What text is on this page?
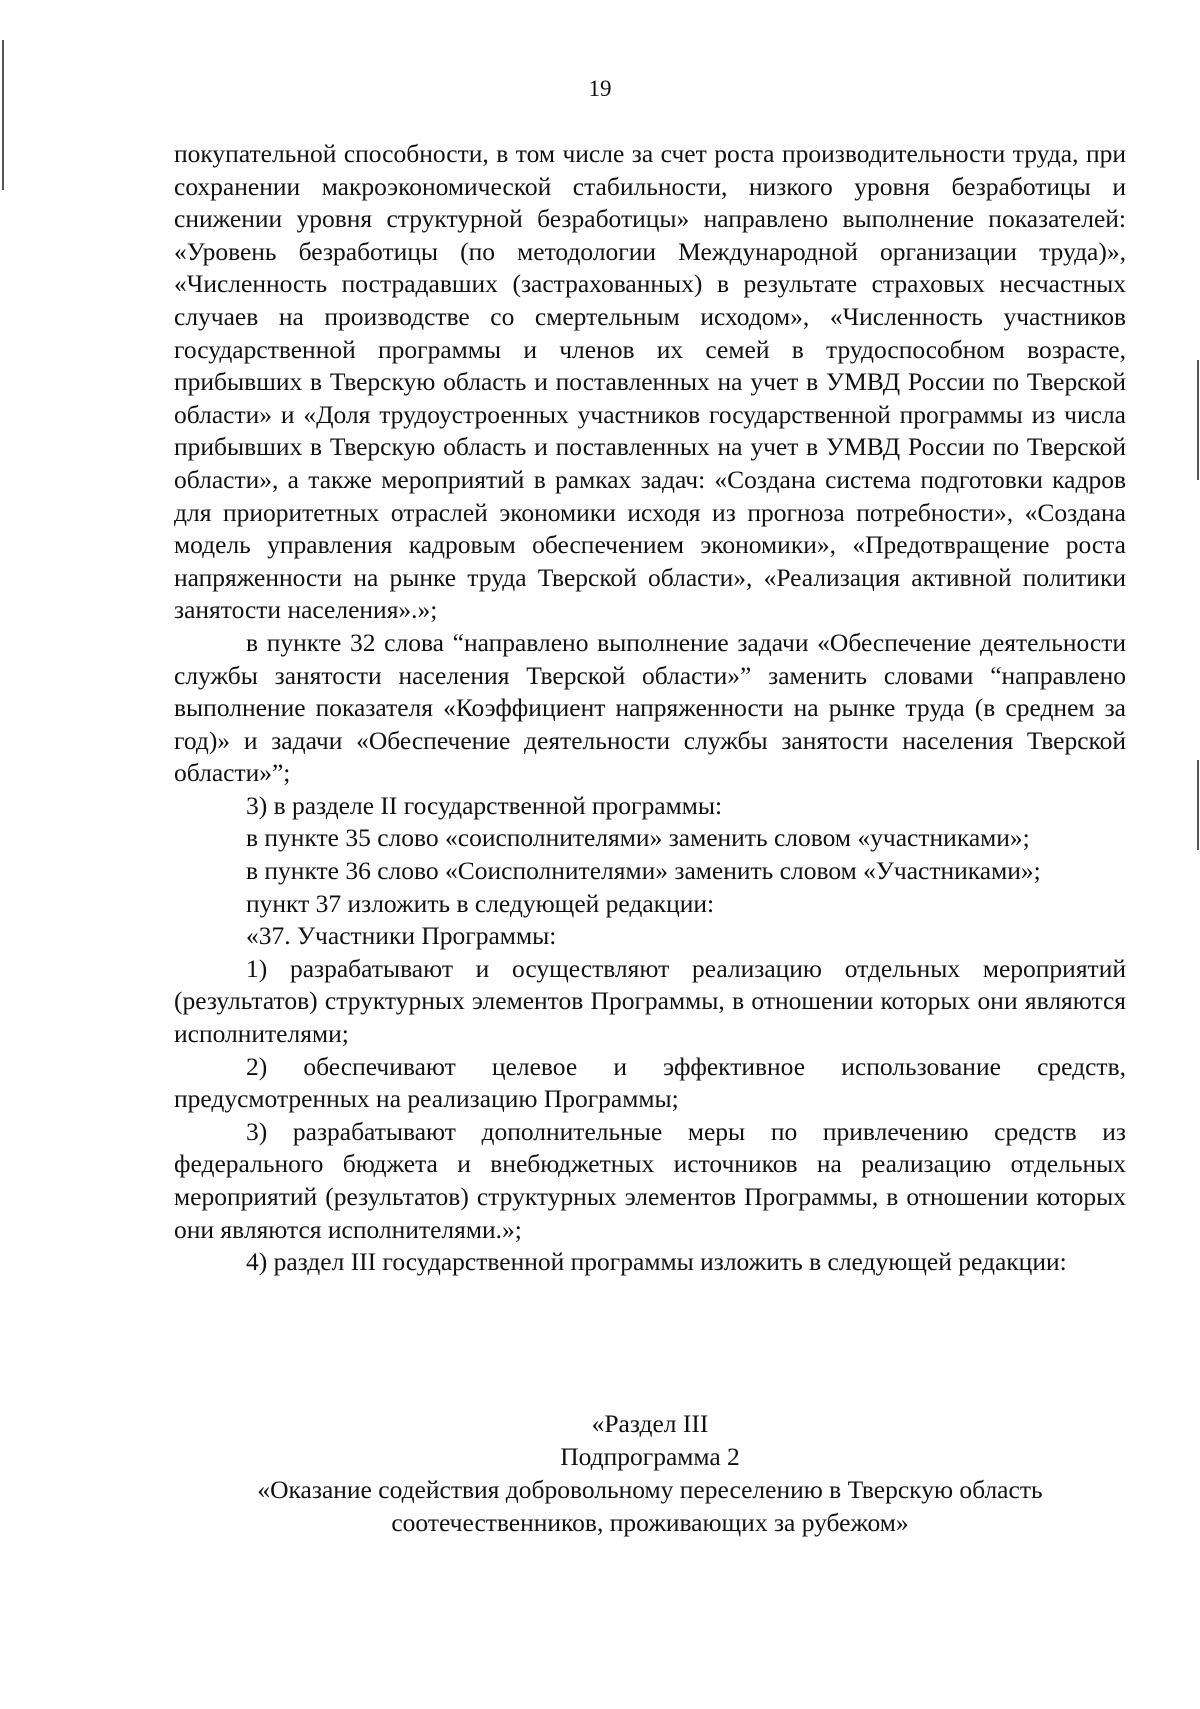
19

покупательной способности, в том числе за счет роста производительности труда, при сохранении макроэкономической стабильности, низкого уровня безработицы и снижении уровня структурной безработицы» направлено выполнение показателей: «Уровень безработицы (по методологии Международной организации труда)», «Численность пострадавших (застрахованных) в результате страховых несчастных случаев на производстве со смертельным исходом», «Численность участников государственной программы и членов их семей в трудоспособном возрасте, прибывших в Тверскую область и поставленных на учет в УМВД России по Тверской области» и «Доля трудоустроенных участников государственной программы из числа прибывших в Тверскую область и поставленных на учет в УМВД России по Тверской области», а также мероприятий в рамках задач: «Создана система подготовки кадров для приоритетных отраслей экономики исходя из прогноза потребности», «Создана модель управления кадровым обеспечением экономики», «Предотвращение роста напряженности на рынке труда Тверской области», «Реализация активной политики занятости населения».»;

в пункте 32 слова “направлено выполнение задачи «Обеспечение деятельности службы занятости населения Тверской области»” заменить словами “направлено выполнение показателя «Коэффициент напряженности на рынке труда (в среднем за год)» и задачи «Обеспечение деятельности службы занятости населения Тверской области»”;

3) в разделе II государственной программы:

в пункте 35 слово «соисполнителями» заменить словом «участниками»;

в пункте 36 слово «Соисполнителями» заменить словом «Участниками»;

пункт 37 изложить в следующей редакции:

«37. Участники Программы:

1) разрабатывают и осуществляют реализацию отдельных мероприятий (результатов) структурных элементов Программы, в отношении которых они являются исполнителями;

2) обеспечивают целевое и эффективное использование средств, предусмотренных на реализацию Программы;

3) разрабатывают дополнительные меры по привлечению средств из федерального бюджета и внебюджетных источников на реализацию отдельных мероприятий (результатов) структурных элементов Программы, в отношении которых они являются исполнителями.»;

4) раздел III государственной программы изложить в следующей редакции:

«Раздел III
Подпрограмма 2
«Оказание содействия добровольному переселению в Тверскую область
соотечественников, проживающих за рубежом»
